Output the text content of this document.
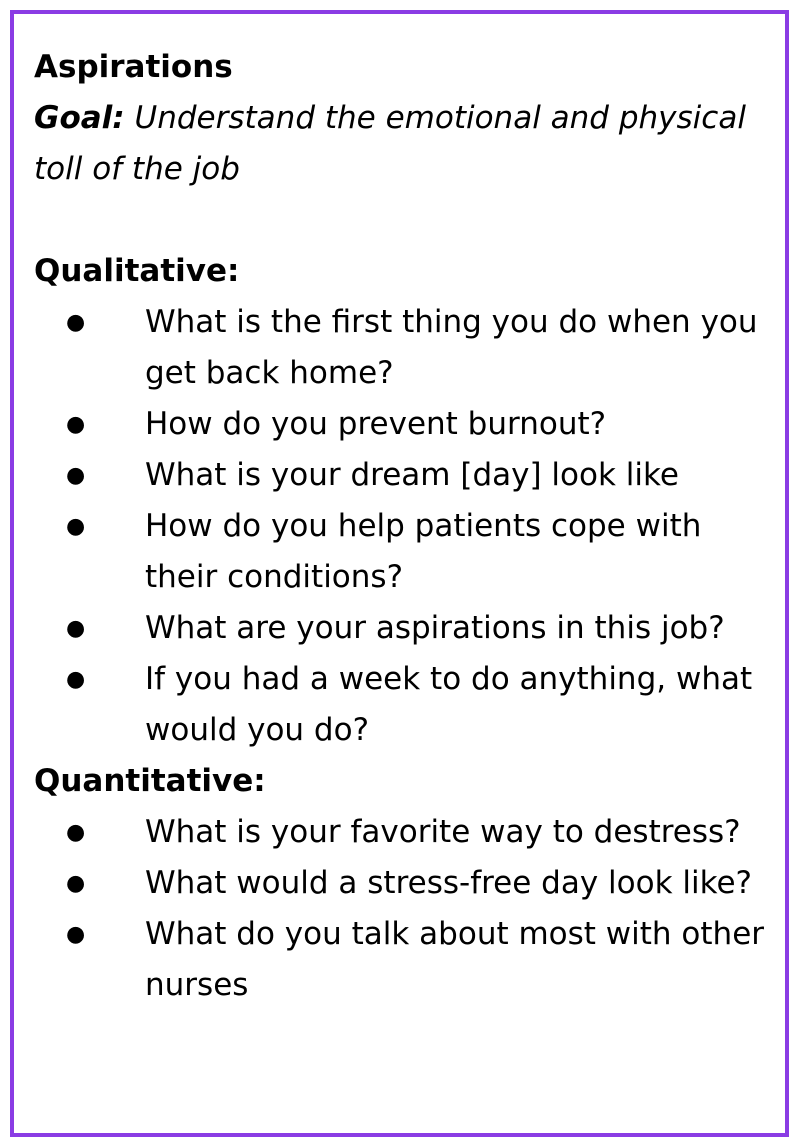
Aspirations

Goal: Understand the emotional and physical toll of the job

Qualitative:

● What is the first thing you do when you get back home?
● How do you prevent burnout?
● What is your dream [day] look like
● How do you help patients cope with their conditions?
● What are your aspirations in this job?
● If you had a week to do anything, what would you do?

Quantitative:

● What is your favorite way to destress?
● What would a stress-free day look like?
● What do you talk about most with other nurses
